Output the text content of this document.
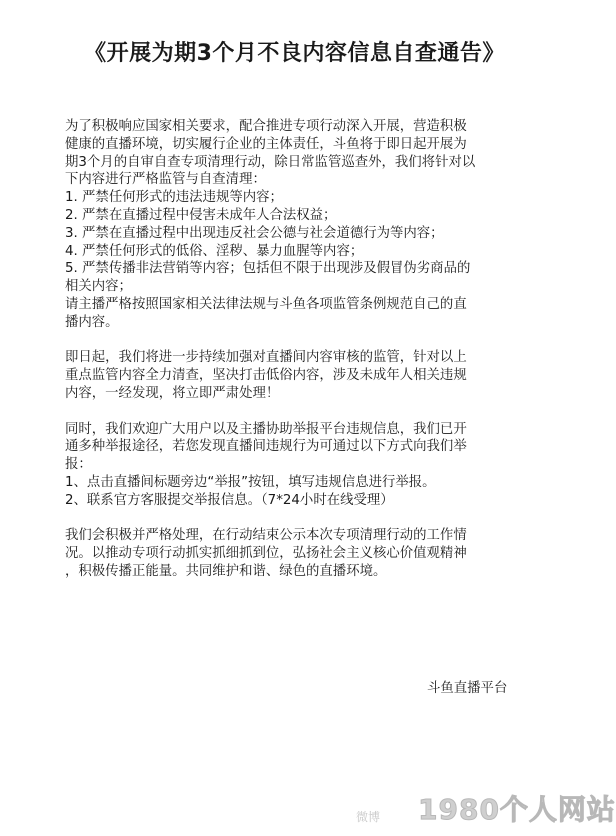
《开展为期3个月不良内容信息自查通告》
为了积极响应国家相关要求，配合推进专项行动深入开展，营造积极
健康的直播环境，切实履行企业的主体责任，斗鱼将于即日起开展为
期3个月的自审自查专项清理行动，除日常监管巡查外，我们将针对以
下内容进行严格监管与自查清理：
1. 严禁任何形式的违法违规等内容；
2. 严禁在直播过程中侵害未成年人合法权益；
3. 严禁在直播过程中出现违反社会公德与社会道德行为等内容；
4. 严禁任何形式的低俗、淫秽、暴力血腥等内容；
5. 严禁传播非法营销等内容；包括但不限于出现涉及假冒伪劣商品的
相关内容；
请主播严格按照国家相关法律法规与斗鱼各项监管条例规范自己的直
播内容。
即日起，我们将进一步持续加强对直播间内容审核的监管，针对以上
重点监管内容全力清查，坚决打击低俗内容，涉及未成年人相关违规
内容，一经发现，将立即严肃处理！
同时，我们欢迎广大用户以及主播协助举报平台违规信息，我们已开
通多种举报途径，若您发现直播间违规行为可通过以下方式向我们举
报：
1、点击直播间标题旁边“举报”按钮，填写违规信息进行举报。
2、联系官方客服提交举报信息。（7*24小时在线受理）
我们会积极并严格处理，在行动结束公示本次专项清理行动的工作情
况。以推动专项行动抓实抓细抓到位，弘扬社会主义核心价值观精神
，积极传播正能量。共同维护和谐、绿色的直播环境。
斗鱼直播平台
微博 1980个人网站
